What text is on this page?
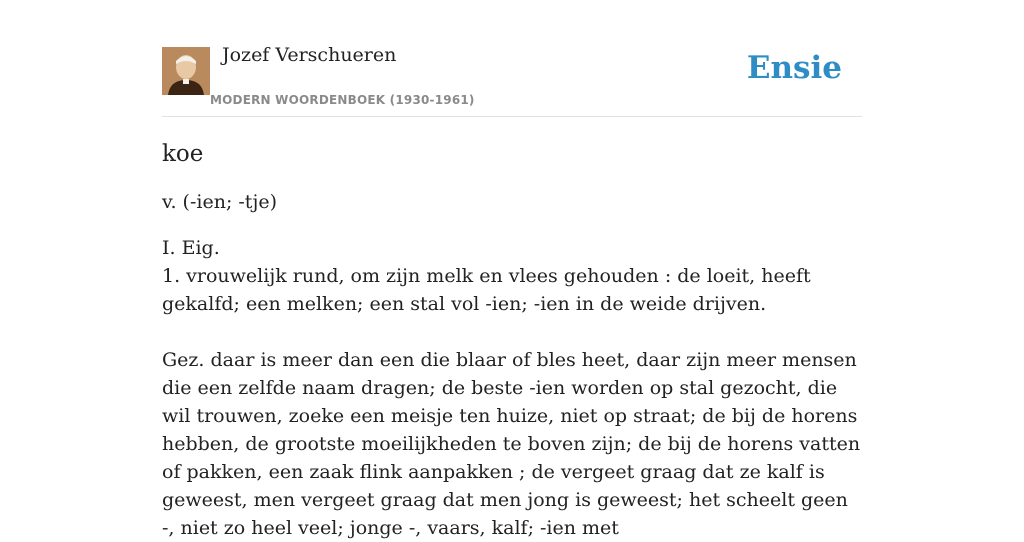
Jozef Verschueren
MODERN WOORDENBOEK (1930-1961)
Ensie
koe
v. (-ien; -tje)

I. Eig.

1. vrouwelijk rund, om zijn melk en vlees gehouden : de loeit, heeft gekalfd; een melken; een stal vol -ien; -ien in de weide drijven.

Gez. daar is meer dan een die blaar of bles heet, daar zijn meer mensen die een zelfde naam dragen; de beste -ien worden op stal gezocht, die wil trouwen, zoeke een meisje ten huize, niet op straat; de bij de horens hebben, de grootste moeilijkheden te boven zijn; de bij de horens vatten of pakken, een zaak flink aanpakken ; de vergeet graag dat ze kalf is geweest, men vergeet graag dat men jong is geweest; het scheelt geen -, niet zo heel veel; jonge -, vaars, kalf; -ien met
